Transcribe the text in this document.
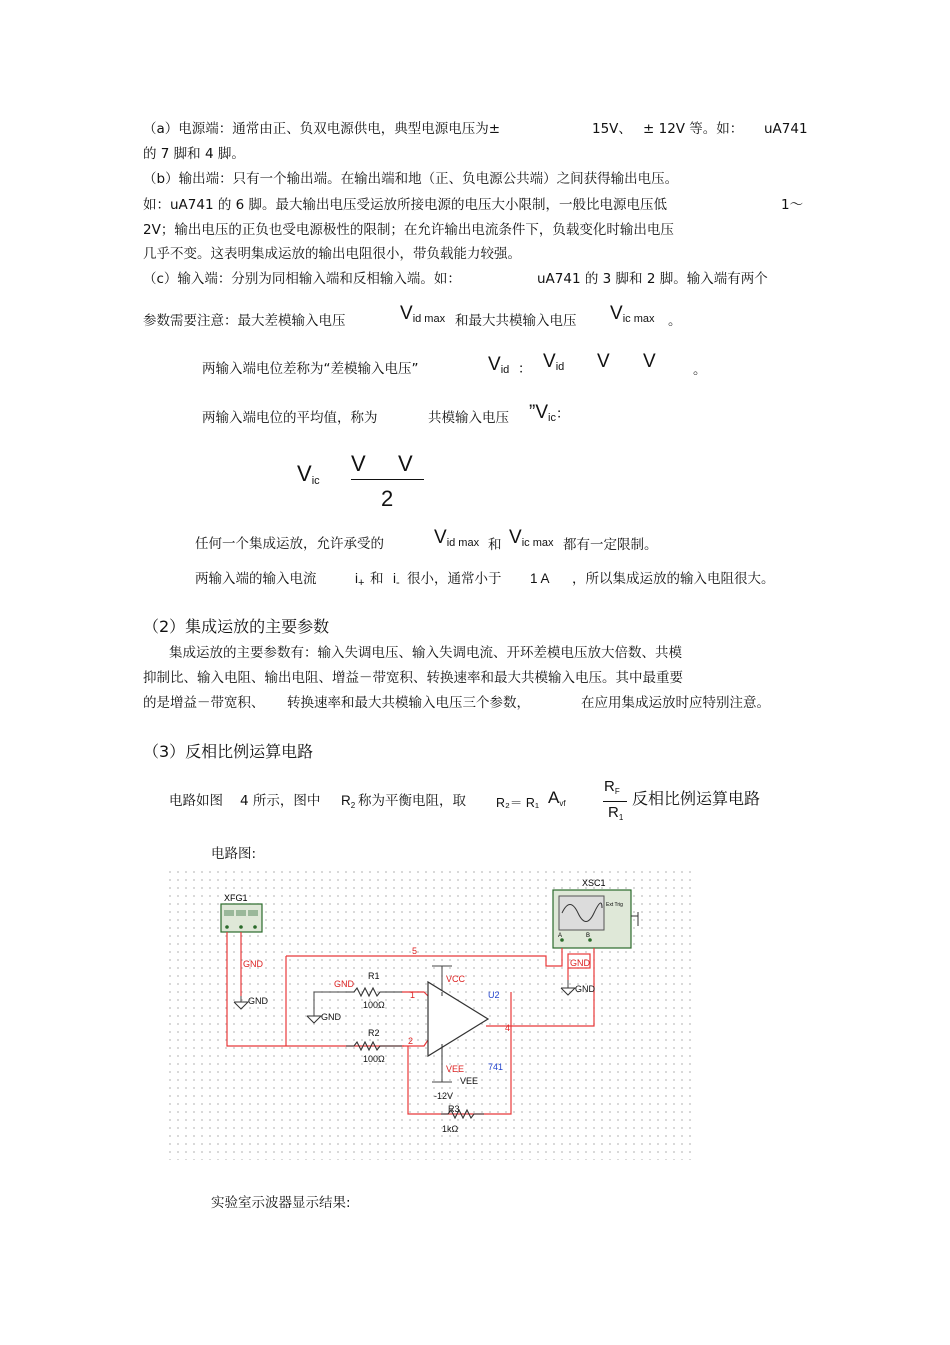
（a）电源端：通常由正、负双电源供电，典型电源电压为±	15V、 ± 12V 等。如： uA741
的 7 脚和 4 脚。
（b）输出端：只有一个输出端。在输出端和地（正、负电源公共端）之间获得输出电压。
如：uA741 的 6 脚。最大输出电压受运放所接电源的电压大小限制，一般比电源电压低	1～
2V；输出电压的正负也受电源极性的限制；在允许输出电流条件下，负载变化时输出电压
几乎不变。这表明集成运放的输出电阻很小，带负载能力较强。
（c）输入端：分别为同相输入端和反相输入端。如：	uA741 的 3 脚和 2 脚。输入端有两个
参数需要注意：最大差模输入电压	$V_{id max}$ 和最大共模输入电压 $V_{ic max}$ 。
两输入端电位差称为“差模输入电压”	$V_{id}$ ： $V_{id}$ V V	。
两输入端电位的平均值，称为	共模输入电压 $”V_{ic}$：
$V_{ic}$
V V
2
任何一个集成运放，允许承受的	$V_{id max}$ 和 $V_{ic max}$ 都有一定限制。
两输入端的输入电流	$i_+$ 和 $i_-$ 很小，通常小于 1 A ，所以集成运放的输入电阻很大。
（2）集成运放的主要参数
集成运放的主要参数有：输入失调电压、输入失调电流、开环差模电压放大倍数、共模
抑制比、输入电阻、输出电阻、增益－带宽积、转换速率和最大共模输入电压。其中最重要
的是增益－带宽积、 转换速率和最大共模输入电压三个参数，	在应用集成运放时应特别注意。
（3）反相比例运算电路
电路如图 4 所示，图中 $R_2$ 称为平衡电阻，取 R₂＝ R₁ $A_{vf}$
$R_F$
$R_1$
反相比例运算电路
电路图:
XFG1
XSC1
Ext Trig
A	B
GND
GND
GND
VCC
VEE
5
1
2
4
GND
GND
GND
R1
100Ω
R2
100Ω
R3
1kΩ
-12V
VEE
U2
741
实验室示波器显示结果:
